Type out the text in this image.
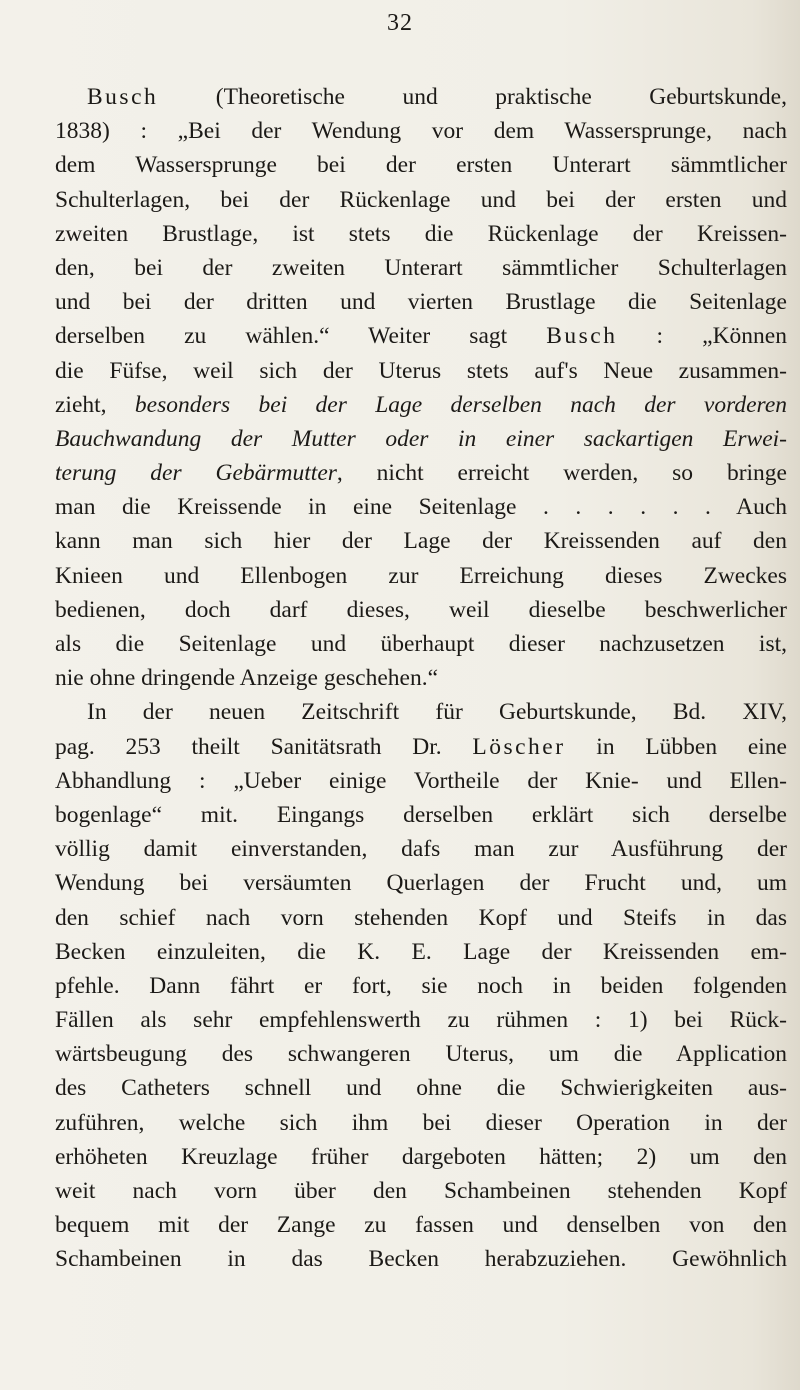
32
Busch (Theoretische und praktische Geburtskunde,
1838) : „Bei der Wendung vor dem Wassersprunge, nach
dem Wassersprunge bei der ersten Unterart sämmtlicher
Schulterlagen, bei der Rückenlage und bei der ersten und
zweiten Brustlage, ist stets die Rückenlage der Kreissen-
den, bei der zweiten Unterart sämmtlicher Schulterlagen
und bei der dritten und vierten Brustlage die Seitenlage
derselben zu wählen.“ Weiter sagt Busch : „Können
die Füfse, weil sich der Uterus stets auf's Neue zusammen-
zieht, besonders bei der Lage derselben nach der vorderen
Bauchwandung der Mutter oder in einer sackartigen Erwei-
terung der Gebärmutter, nicht erreicht werden, so bringe
man die Kreissende in eine Seitenlage . . . . . . Auch
kann man sich hier der Lage der Kreissenden auf den
Knieen und Ellenbogen zur Erreichung dieses Zweckes
bedienen, doch darf dieses, weil dieselbe beschwerlicher
als die Seitenlage und überhaupt dieser nachzusetzen ist,
nie ohne dringende Anzeige geschehen.“
In der neuen Zeitschrift für Geburtskunde, Bd. XIV,
pag. 253 theilt Sanitätsrath Dr. Löscher in Lübben eine
Abhandlung : „Ueber einige Vortheile der Knie- und Ellen-
bogenlage“ mit. Eingangs derselben erklärt sich derselbe
völlig damit einverstanden, dafs man zur Ausführung der
Wendung bei versäumten Querlagen der Frucht und, um
den schief nach vorn stehenden Kopf und Steifs in das
Becken einzuleiten, die K. E. Lage der Kreissenden em-
pfehle. Dann fährt er fort, sie noch in beiden folgenden
Fällen als sehr empfehlenswerth zu rühmen : 1) bei Rück-
wärtsbeugung des schwangeren Uterus, um die Application
des Catheters schnell und ohne die Schwierigkeiten aus-
zuführen, welche sich ihm bei dieser Operation in der
erhöheten Kreuzlage früher dargeboten hätten; 2) um den
weit nach vorn über den Schambeinen stehenden Kopf
bequem mit der Zange zu fassen und denselben von den
Schambeinen in das Becken herabzuziehen. Gewöhnlich
